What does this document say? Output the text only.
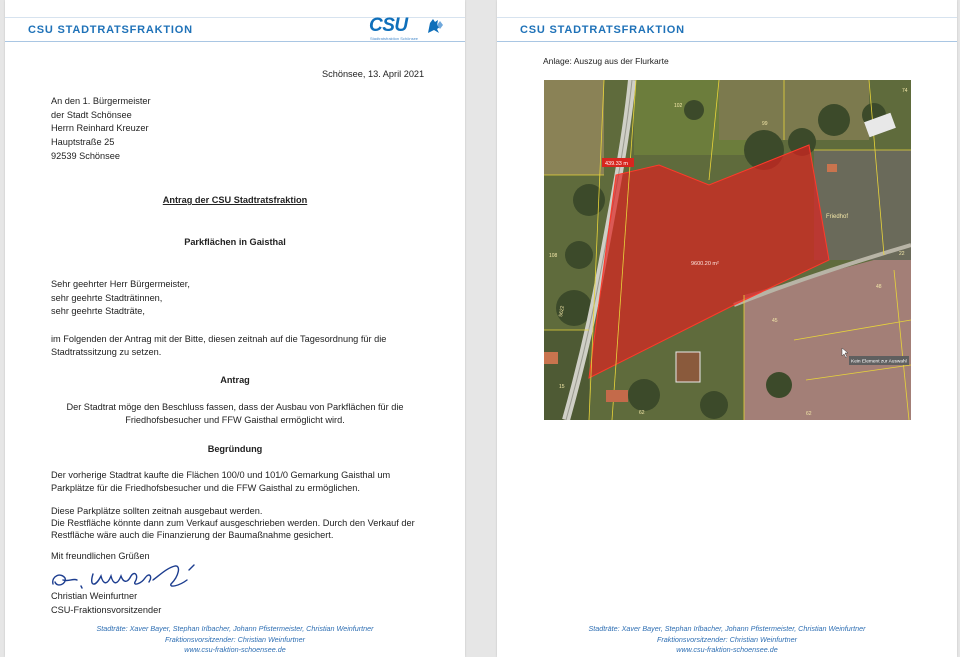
CSU STADTRATSFRAKTION	CSU
Stadtratsfraktion Schönsee
Schönsee, 13. April 2021
An den 1. Bürgermeister
der Stadt Schönsee
Herrn Reinhard Kreuzer
Hauptstraße 25
92539 Schönsee
Antrag der CSU Stadtratsfraktion
Parkflächen in Gaisthal
Sehr geehrter Herr Bürgermeister,
sehr geehrte Stadträtinnen,
sehr geehrte Stadträte,
im Folgenden der Antrag mit der Bitte, diesen zeitnah auf die Tagesordnung für die
Stadtratssitzung zu setzen.
Antrag
Der Stadtrat möge den Beschluss fassen, dass der Ausbau von Parkflächen für die
Friedhofsbesucher und FFW Gaisthal ermöglicht wird.
Begründung
Der vorherige Stadtrat kaufte die Flächen 100/0 und 101/0 Gemarkung Gaisthal um
Parkplätze für die Friedhofsbesucher und die FFW Gaisthal zu ermöglichen.
Diese Parkplätze sollten zeitnah ausgebaut werden.
Die Restfläche könnte dann zum Verkauf ausgeschrieben werden. Durch den Verkauf der
Restfläche wäre auch die Finanzierung der Baumaßnahme gesichert.
Mit freundlichen Grüßen
Christian Weinfurtner
CSU-Fraktionsvorsitzender
Stadträte: Xaver Bayer, Stephan Irlbacher, Johann Pfistermeister, Christian Weinfurtner
Fraktionsvorsitzender: Christian Weinfurtner
www.csu-fraktion-schoensee.de
CSU STADTRATSFRAKTION
Anlage: Auszug aus der Flurkarte
102
99
108
74
22
48
45
15
62	62
5622
439.33 m
9600.20 m²
Friedhof
Kein Element zur Auswahl
Stadträte: Xaver Bayer, Stephan Irlbacher, Johann Pfistermeister, Christian Weinfurtner
Fraktionsvorsitzender: Christian Weinfurtner
www.csu-fraktion-schoensee.de
